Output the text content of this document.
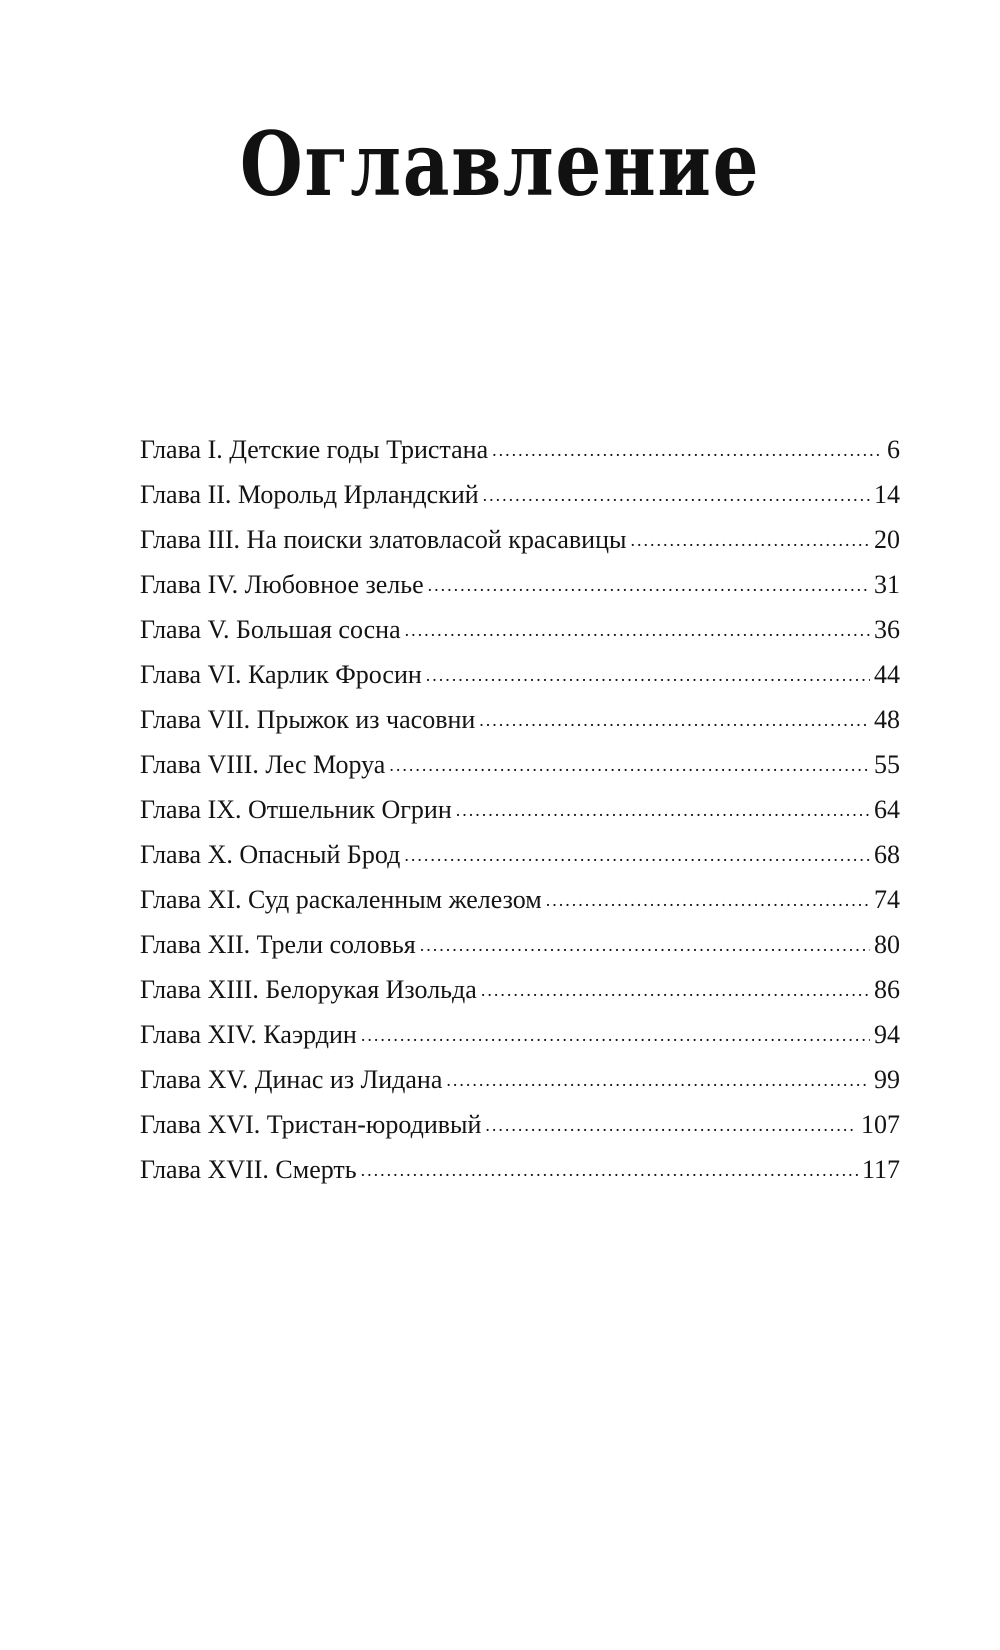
Оглавление
Глава I. Детские годы Тристана .....	6
Глава II. Морольд Ирландский .....	14
Глава III. На поиски златовласой красавицы .....	20
Глава IV. Любовное зелье .....	31
Глава V. Большая сосна .....	36
Глава VI. Карлик Фросин .....	44
Глава VII. Прыжок из часовни .....	48
Глава VIII. Лес Моруа .....	55
Глава IX. Отшельник Огрин .....	64
Глава X. Опасный Брод .....	68
Глава XI. Суд раскаленным железом .....	74
Глава XII. Трели соловья .....	80
Глава XIII. Белорукая Изольда .....	86
Глава XIV. Каэрдин .....	94
Глава XV. Динас из Лидана .....	99
Глава XVI. Тристан-юродивый .....	107
Глава XVII. Смерть .....	117
